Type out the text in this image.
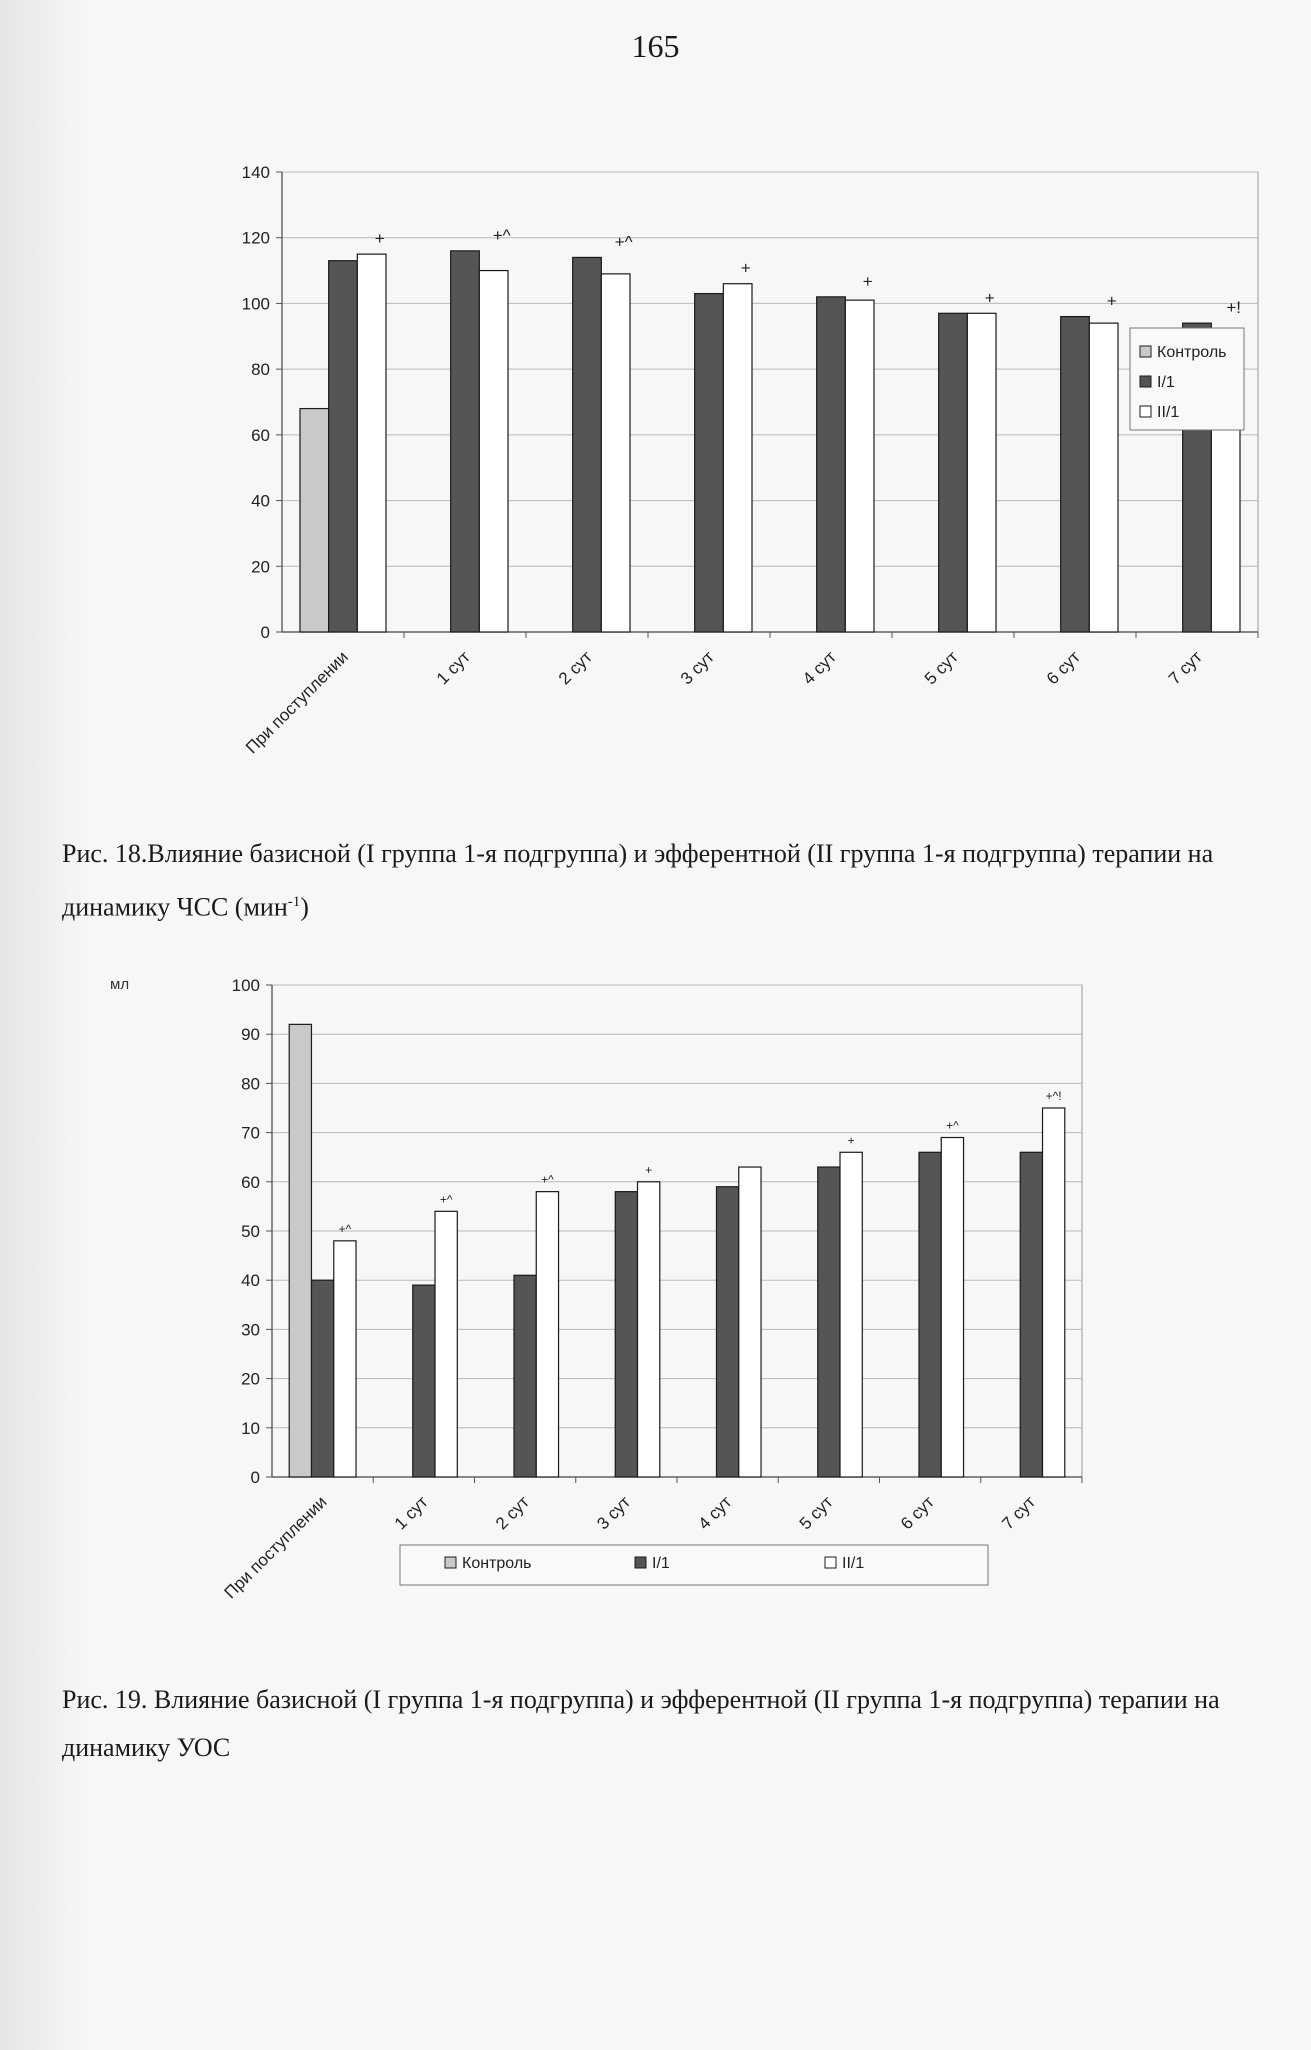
165
0
20
40
60
80
100
120
140
+
При поступлении
+^
1 сут
+^
2 сут
+
3 сут
+
4 сут
+
5 сут
+
6 сут
+!
7 сут
Контроль
I/1
II/1
Рис. 18.Влияние базисной (I группа 1-я подгруппа) и эфферентной (II группа 1-я подгруппа) терапии на динамику ЧСС (мин$^{-1}$)
0
10
20
30
40
50
60
70
80
90
100
мл
+^
При поступлении
+^
1 сут
+^
2 сут
+
3 сут	4 сут
+
5 сут
+^
6 сут
+^!
7 сут
Контроль	I/1	II/1
Рис. 19. Влияние базисной (I группа 1-я подгруппа) и эфферентной (II группа 1-я подгруппа) терапии на динамику УОС
